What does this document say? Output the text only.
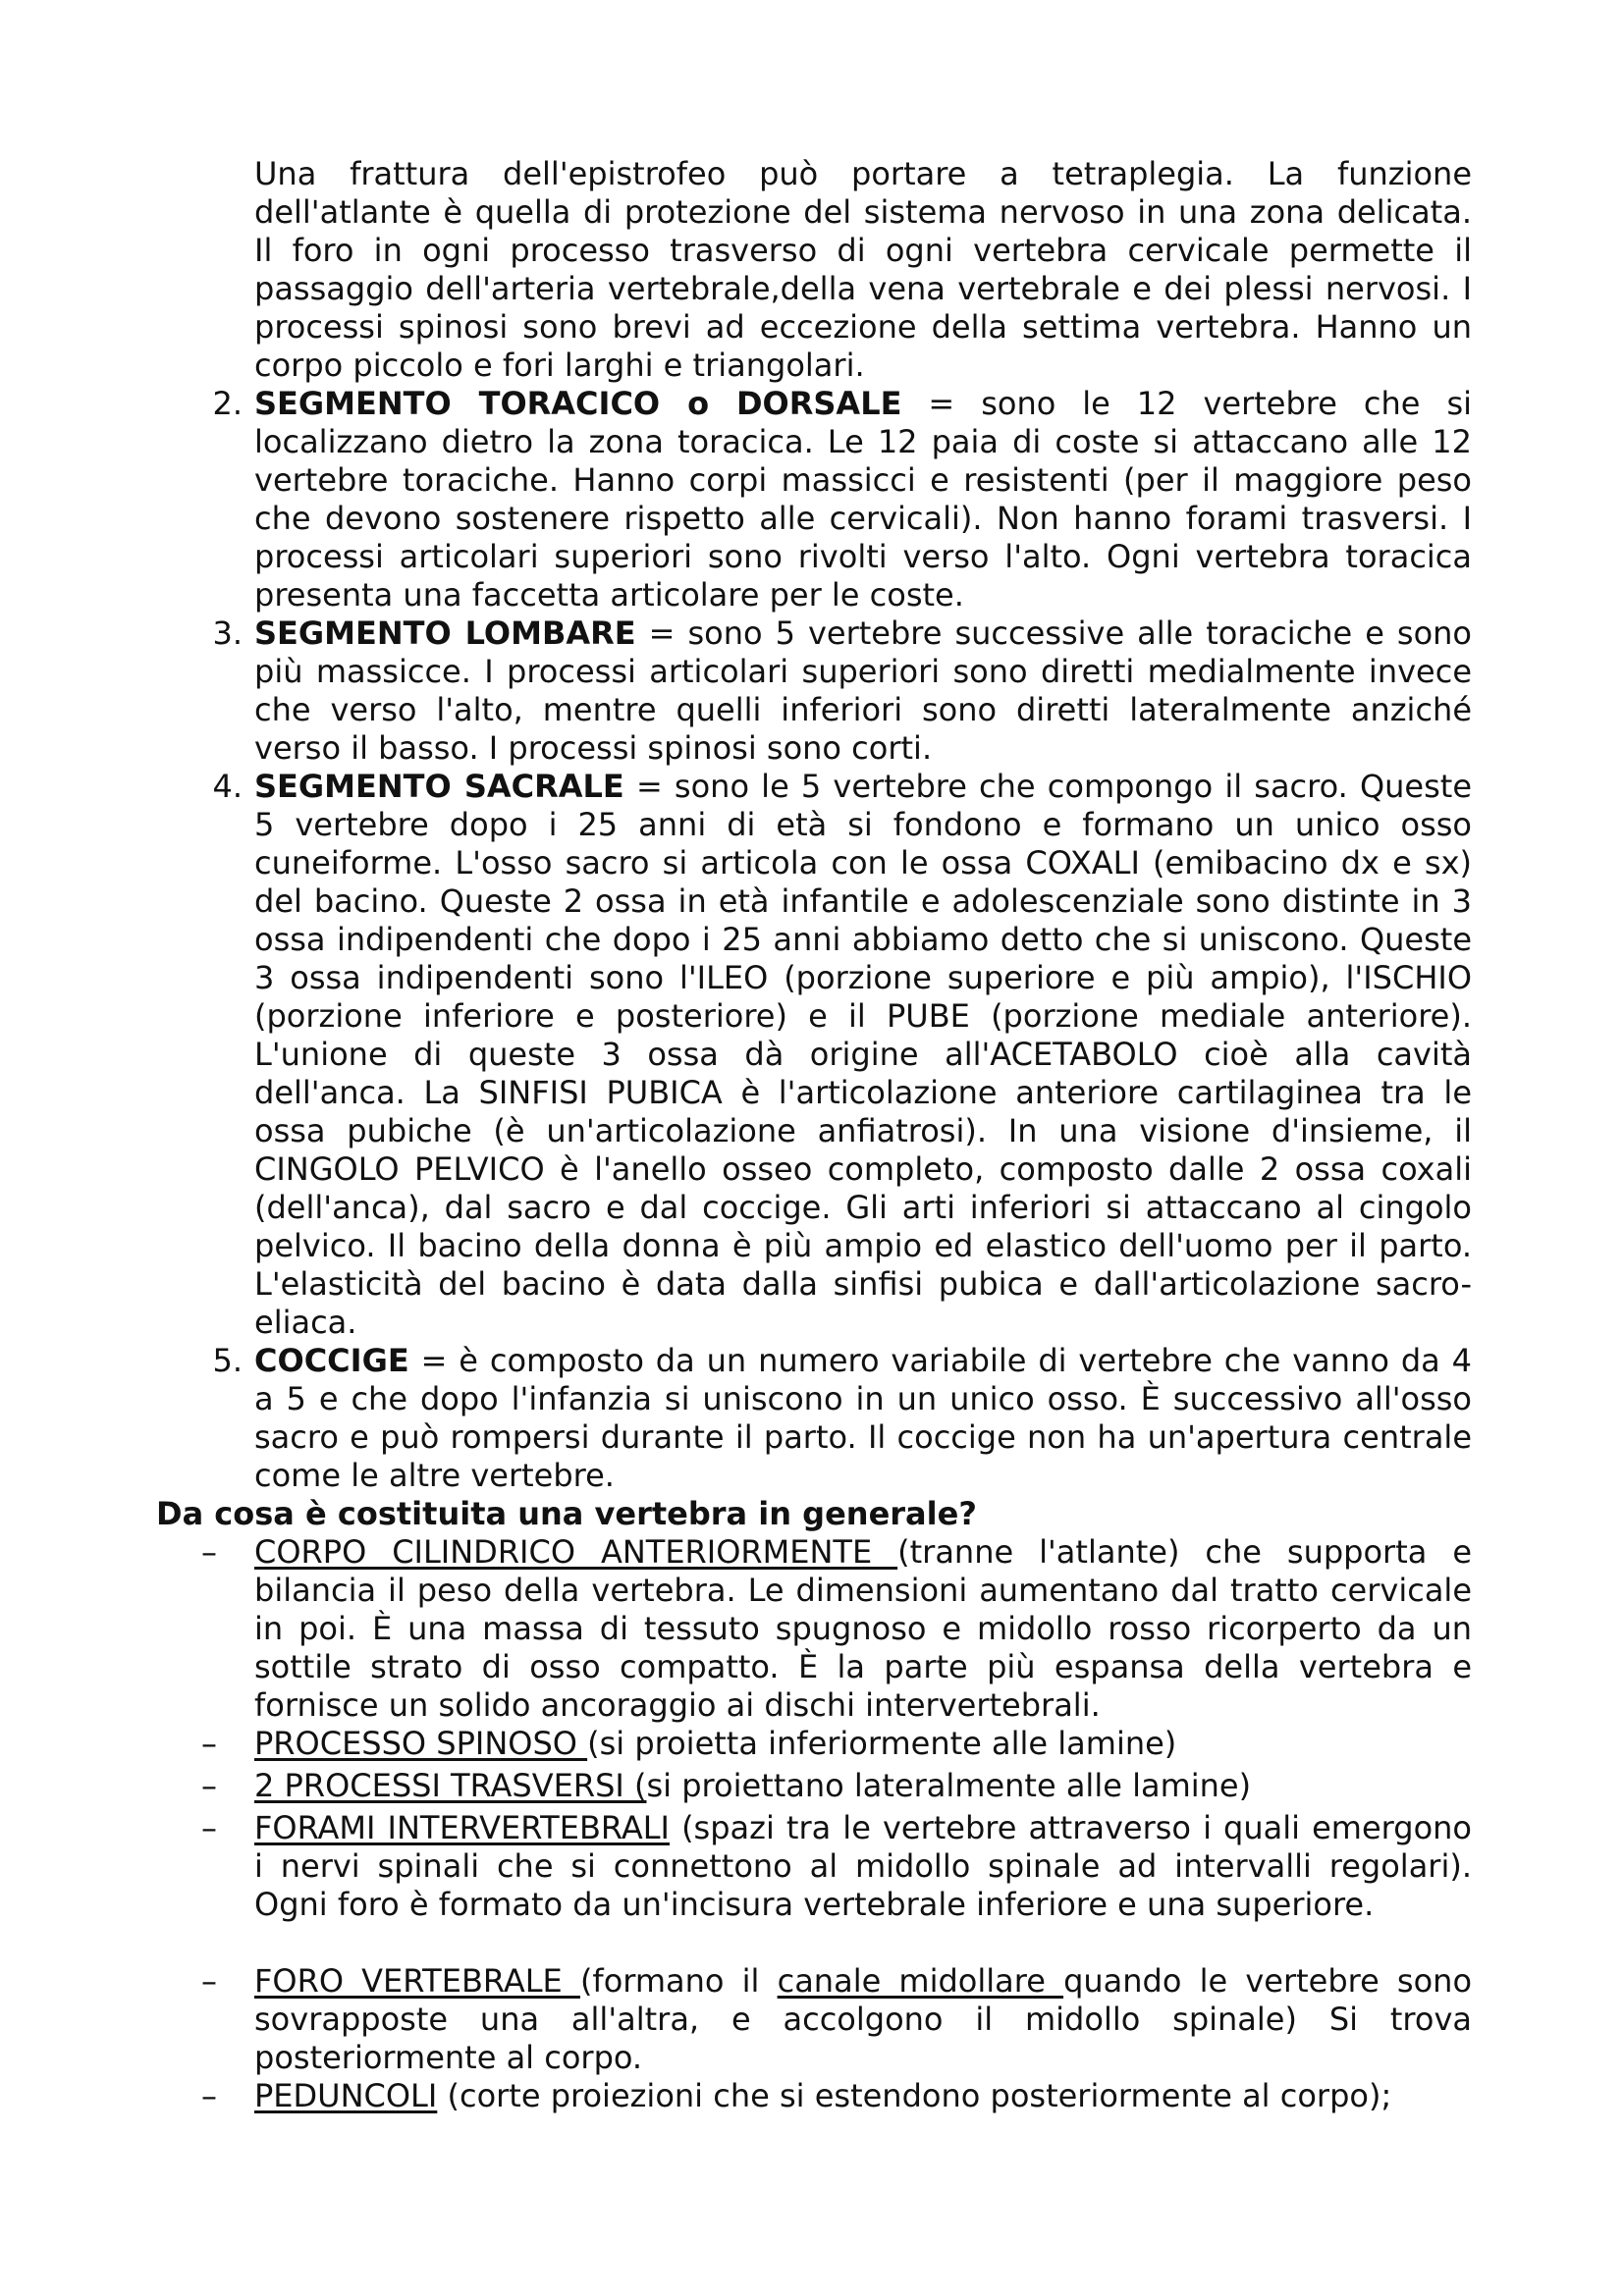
Una frattura dell'epistrofeo può portare a tetraplegia. La funzione dell'atlante è quella di protezione del sistema nervoso in una zona delicata. Il foro in ogni processo trasverso di ogni vertebra cervicale permette il passaggio dell'arteria vertebrale,della vena vertebrale e dei plessi nervosi. I processi spinosi sono brevi ad eccezione della settima vertebra. Hanno un corpo piccolo e fori larghi e triangolari.

2. SEGMENTO TORACICO o DORSALE = sono le 12 vertebre che si localizzano dietro la zona toracica. Le 12 paia di coste si attaccano alle 12 vertebre toraciche. Hanno corpi massicci e resistenti (per il maggiore peso che devono sostenere rispetto alle cervicali). Non hanno forami trasversi. I processi articolari superiori sono rivolti verso l'alto. Ogni vertebra toracica presenta una faccetta articolare per le coste.

3. SEGMENTO LOMBARE = sono 5 vertebre successive alle toraciche e sono più massicce. I processi articolari superiori sono diretti medialmente invece che verso l'alto, mentre quelli inferiori sono diretti lateralmente anziché verso il basso. I processi spinosi sono corti.

4. SEGMENTO SACRALE = sono le 5 vertebre che compongo il sacro. Queste 5 vertebre dopo i 25 anni di età si fondono e formano un unico osso cuneiforme. L'osso sacro si articola con le ossa COXALI (emibacino dx e sx) del bacino. Queste 2 ossa in età infantile e adolescenziale sono distinte in 3 ossa indipendenti che dopo i 25 anni abbiamo detto che si uniscono. Queste 3 ossa indipendenti sono l'ILEO (porzione superiore e più ampio), l'ISCHIO (porzione inferiore e posteriore) e il PUBE (porzione mediale anteriore). L'unione di queste 3 ossa dà origine all'ACETABOLO cioè alla cavità dell'anca. La SINFISI PUBICA è l'articolazione anteriore cartilaginea tra le ossa pubiche (è un'articolazione anfiatrosi). In una visione d'insieme, il CINGOLO PELVICO è l'anello osseo completo, composto dalle 2 ossa coxali (dell'anca), dal sacro e dal coccige. Gli arti inferiori si attaccano al cingolo pelvico. Il bacino della donna è più ampio ed elastico dell'uomo per il parto. L'elasticità del bacino è data dalla sinfisi pubica e dall'articolazione sacro-eliaca.

5. COCCIGE = è composto da un numero variabile di vertebre che vanno da 4 a 5 e che dopo l'infanzia si uniscono in un unico osso. È successivo all'osso sacro e può rompersi durante il parto. Il coccige non ha un'apertura centrale come le altre vertebre.

Da cosa è costituita una vertebra in generale?

–	CORPO CILINDRICO ANTERIORMENTE (tranne l'atlante) che supporta e bilancia il peso della vertebra. Le dimensioni aumentano dal tratto cervicale in poi. È una massa di tessuto spugnoso e midollo rosso ricorperto da un sottile strato di osso compatto. È la parte più espansa della vertebra e fornisce un solido ancoraggio ai dischi intervertebrali.

–	PROCESSO SPINOSO (si proietta inferiormente alle lamine)

–	2 PROCESSI TRASVERSI (si proiettano lateralmente alle lamine)

–	FORAMI INTERVERTEBRALI (spazi tra le vertebre attraverso i quali emergono i nervi spinali che si connettono al midollo spinale ad intervalli regolari). Ogni foro è formato da un'incisura vertebrale inferiore e una superiore.

–	FORO VERTEBRALE (formano il canale midollare quando le vertebre sono sovrapposte una all'altra, e accolgono il midollo spinale) Si trova posteriormente al corpo.

–	PEDUNCOLI (corte proiezioni che si estendono posteriormente al corpo);
